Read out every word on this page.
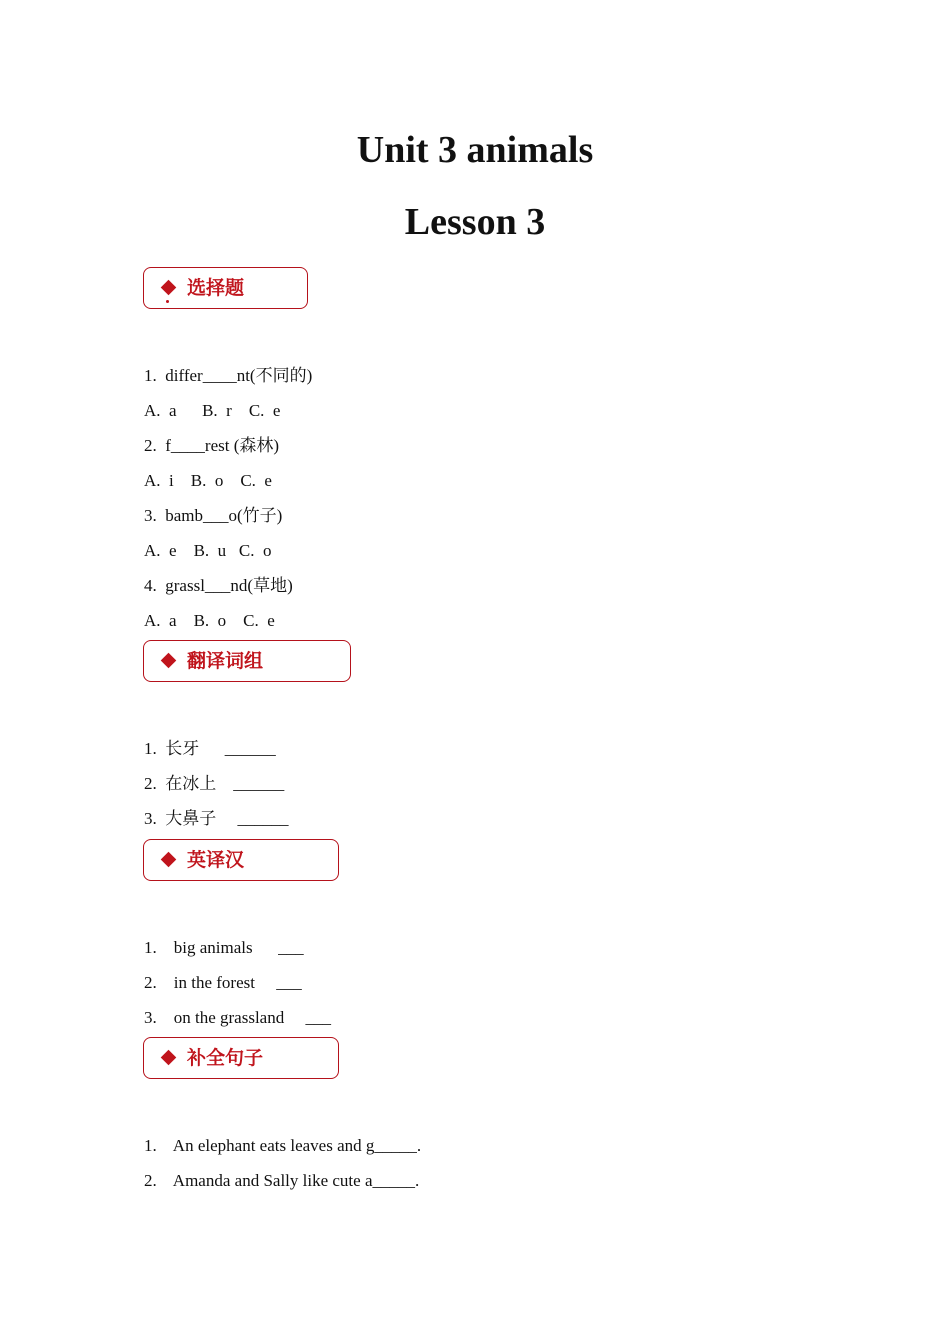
Unit 3 animals
Lesson 3
选择题
1.  differ____nt(不同的)
A.  a      B.  r    C.  e
2.  f____rest (森林)
A.  i    B.  o    C.  e
3.  bamb___o(竹子)
A.  e    B.  u   C.  o
4.  grassl___nd(草地)
A.  a    B.  o    C.  e
翻译词组
1.  长牙      ______
2.  在冰上    ______
3.  大鼻子     ______
英译汉
1.    big animals      ___
2.    in the forest     ___
3.    on the grassland     ___
补全句子
1.    An elephant eats leaves and g_____.
2.    Amanda and Sally like cute a_____.
